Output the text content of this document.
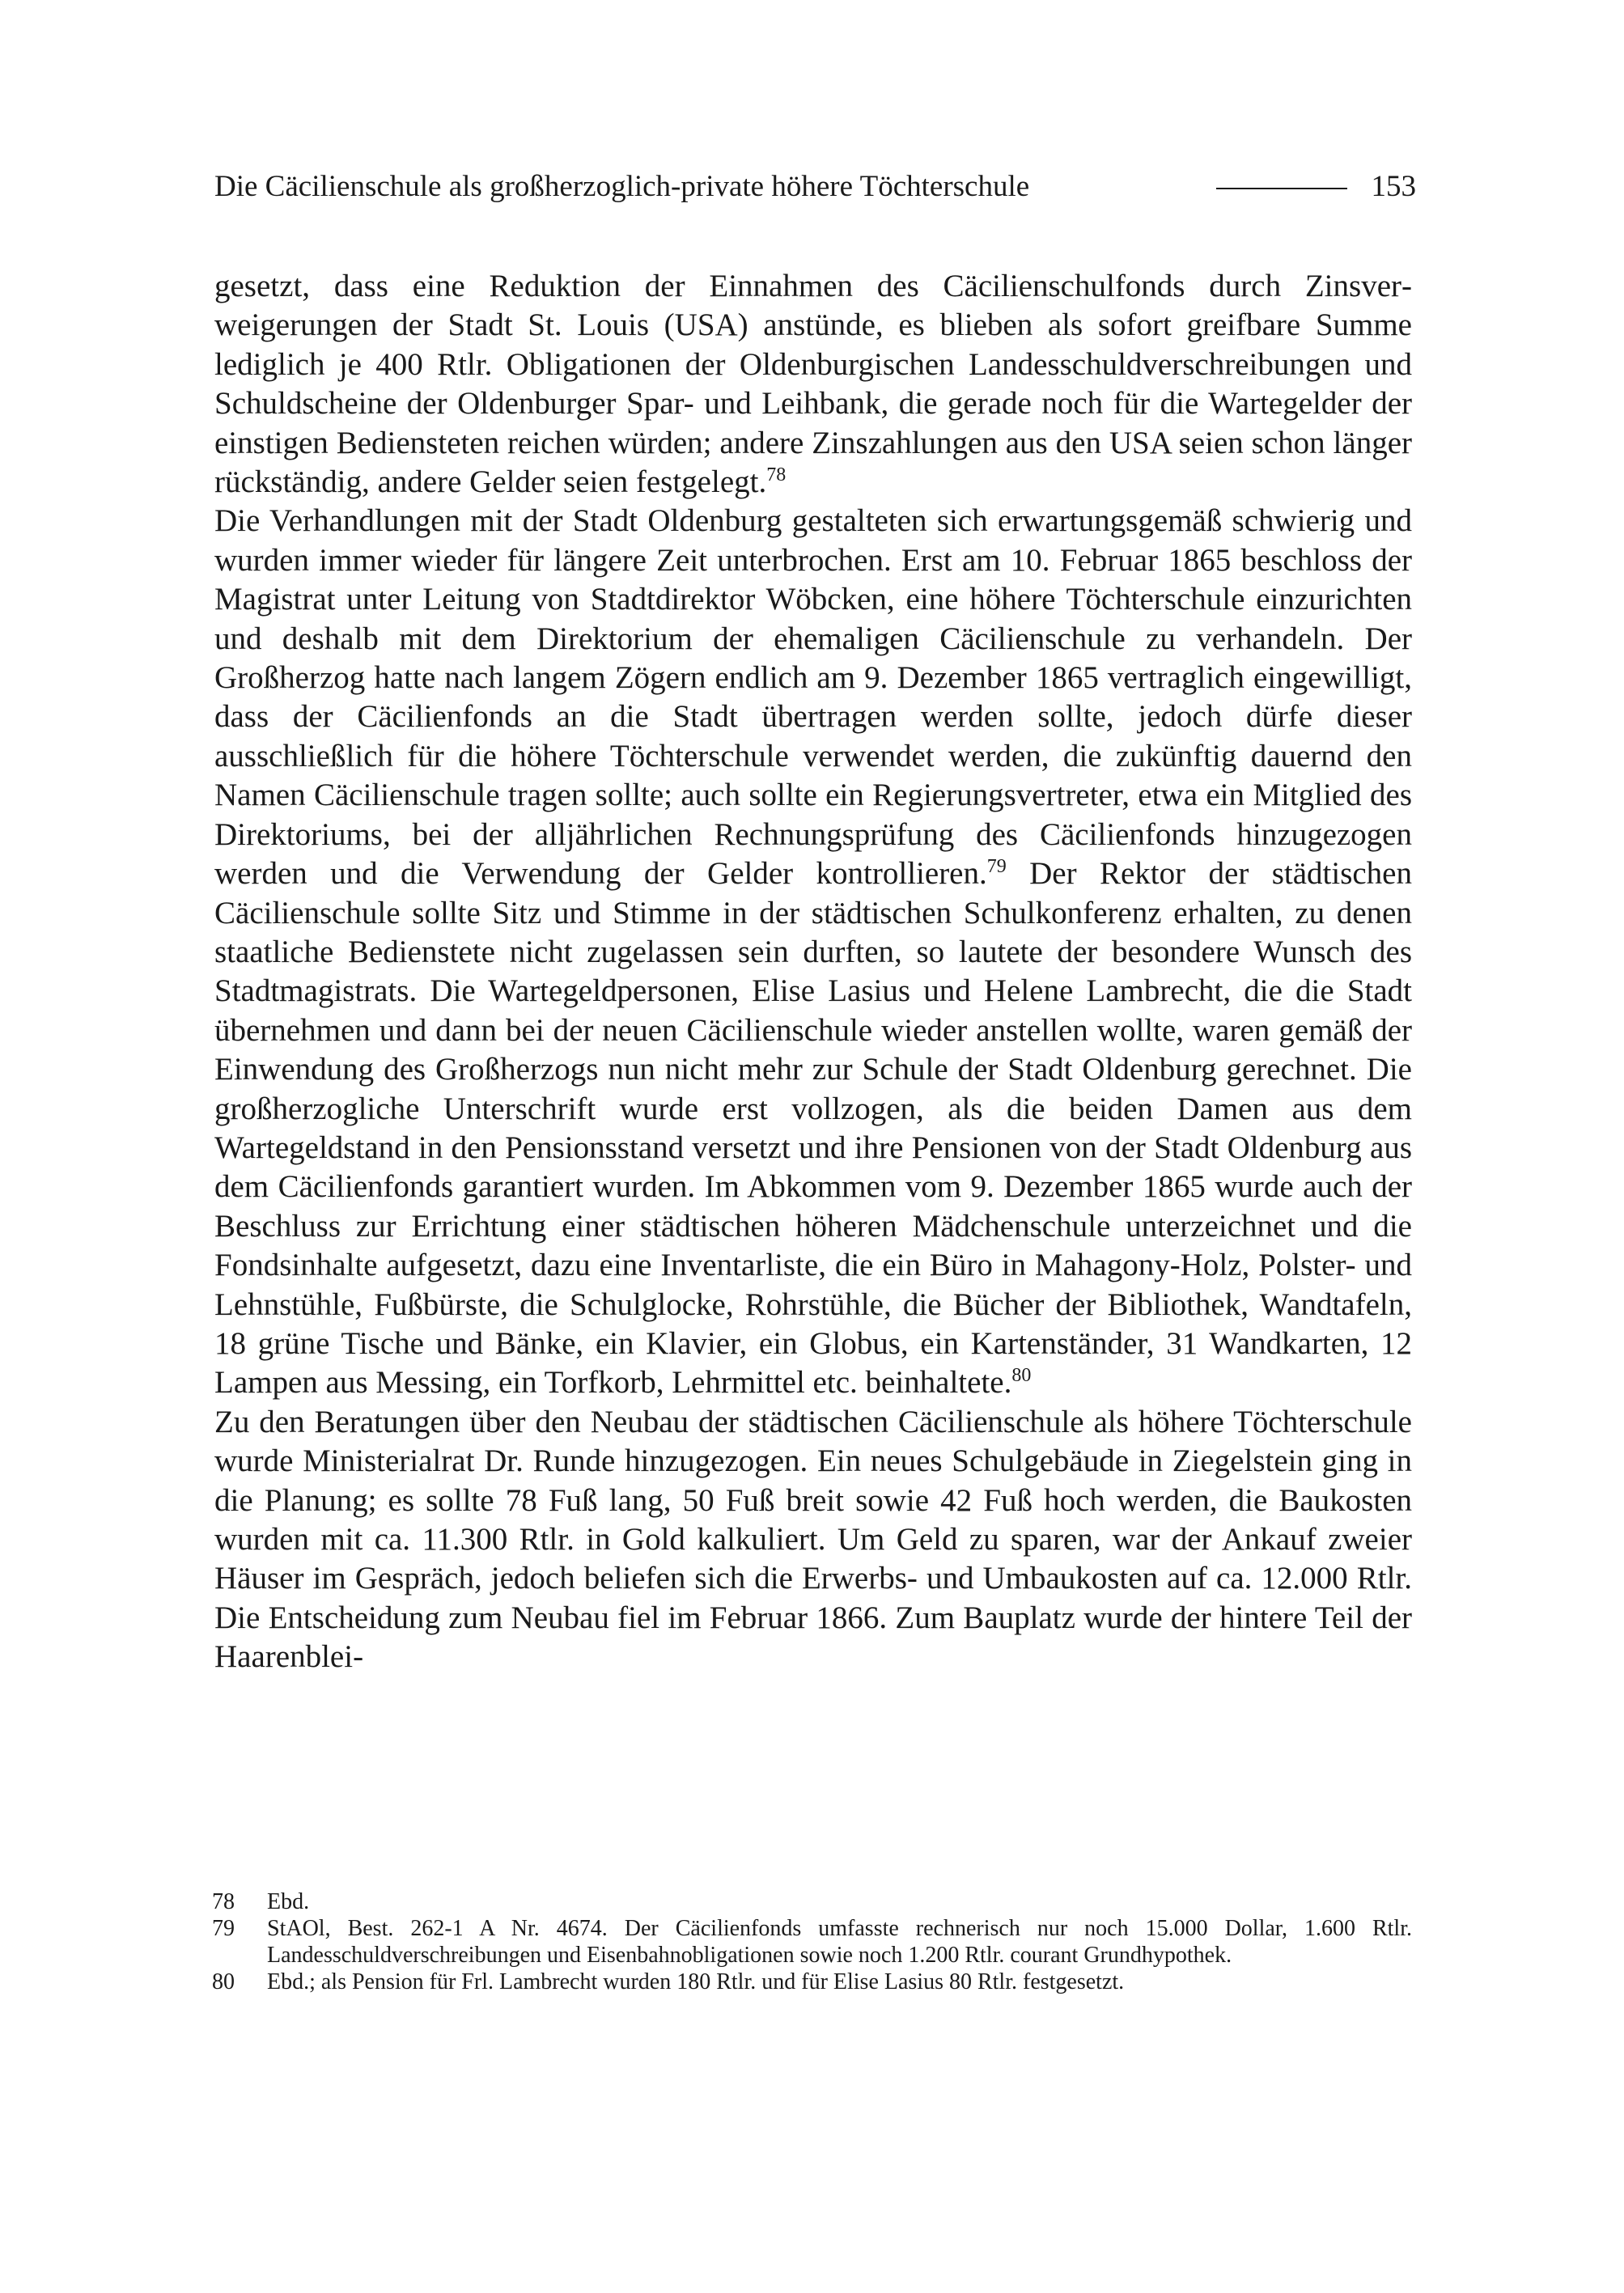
Die Cäcilienschule als großherzoglich-private höhere Töchterschule	153

gesetzt, dass eine Reduktion der Einnahmen des Cäcilienschulfonds durch Zinsverweigerungen der Stadt St. Louis (USA) anstünde, es blieben als sofort greifbare Summe lediglich je 400 Rtlr. Obligationen der Oldenburgischen Landesschuldverschreibungen und Schuldscheine der Oldenburger Spar- und Leihbank, die gerade noch für die Wartegelder der einstigen Bediensteten reichen würden; andere Zinszahlungen aus den USA seien schon länger rückständig, andere Gelder seien festgelegt.$^{78}$

Die Verhandlungen mit der Stadt Oldenburg gestalteten sich erwartungsgemäß schwierig und wurden immer wieder für längere Zeit unterbrochen. Erst am 10. Februar 1865 beschloss der Magistrat unter Leitung von Stadtdirektor Wöbcken, eine höhere Töchterschule einzurichten und deshalb mit dem Direktorium der ehemaligen Cäcilienschule zu verhandeln. Der Großherzog hatte nach langem Zögern endlich am 9. Dezember 1865 vertraglich eingewilligt, dass der Cäcilienfonds an die Stadt übertragen werden sollte, jedoch dürfe dieser ausschließlich für die höhere Töchterschule verwendet werden, die zukünftig dauernd den Namen Cäcilienschule tragen sollte; auch sollte ein Regierungsvertreter, etwa ein Mitglied des Direktoriums, bei der alljährlichen Rechnungsprüfung des Cäcilienfonds hinzugezogen werden und die Verwendung der Gelder kontrollieren.$^{79}$ Der Rektor der städtischen Cäcilienschule sollte Sitz und Stimme in der städtischen Schulkonferenz erhalten, zu denen staatliche Bedienstete nicht zugelassen sein durften, so lautete der besondere Wunsch des Stadtmagistrats. Die Wartegeldpersonen, Elise Lasius und Helene Lambrecht, die die Stadt übernehmen und dann bei der neuen Cäcilienschule wieder anstellen wollte, waren gemäß der Einwendung des Großherzogs nun nicht mehr zur Schule der Stadt Oldenburg gerechnet. Die großherzogliche Unterschrift wurde erst vollzogen, als die beiden Damen aus dem Wartegeldstand in den Pensionsstand versetzt und ihre Pensionen von der Stadt Oldenburg aus dem Cäcilienfonds garantiert wurden. Im Abkommen vom 9. Dezember 1865 wurde auch der Beschluss zur Errichtung einer städtischen höheren Mädchenschule unterzeichnet und die Fondsinhalte aufgesetzt, dazu eine Inventarliste, die ein Büro in Mahagony-Holz, Polster- und Lehnstühle, Fußbürste, die Schulglocke, Rohrstühle, die Bücher der Bibliothek, Wandtafeln, 18 grüne Tische und Bänke, ein Klavier, ein Globus, ein Kartenständer, 31 Wandkarten, 12 Lampen aus Messing, ein Torfkorb, Lehrmittel etc. beinhaltete.$^{80}$

Zu den Beratungen über den Neubau der städtischen Cäcilienschule als höhere Töchterschule wurde Ministerialrat Dr. Runde hinzugezogen. Ein neues Schulgebäude in Ziegelstein ging in die Planung; es sollte 78 Fuß lang, 50 Fuß breit sowie 42 Fuß hoch werden, die Baukosten wurden mit ca. 11.300 Rtlr. in Gold kalkuliert. Um Geld zu sparen, war der Ankauf zweier Häuser im Gespräch, jedoch beliefen sich die Erwerbs- und Umbaukosten auf ca. 12.000 Rtlr. Die Entscheidung zum Neubau fiel im Februar 1866. Zum Bauplatz wurde der hintere Teil der Haarenblei-

78	Ebd.
79	StAOl, Best. 262-1 A Nr. 4674. Der Cäcilienfonds umfasste rechnerisch nur noch 15.000 Dollar, 1.600 Rtlr. Landesschuldverschreibungen und Eisenbahnobligationen sowie noch 1.200 Rtlr. courant Grundhypothek.
80	Ebd.; als Pension für Frl. Lambrecht wurden 180 Rtlr. und für Elise Lasius 80 Rtlr. festgesetzt.
